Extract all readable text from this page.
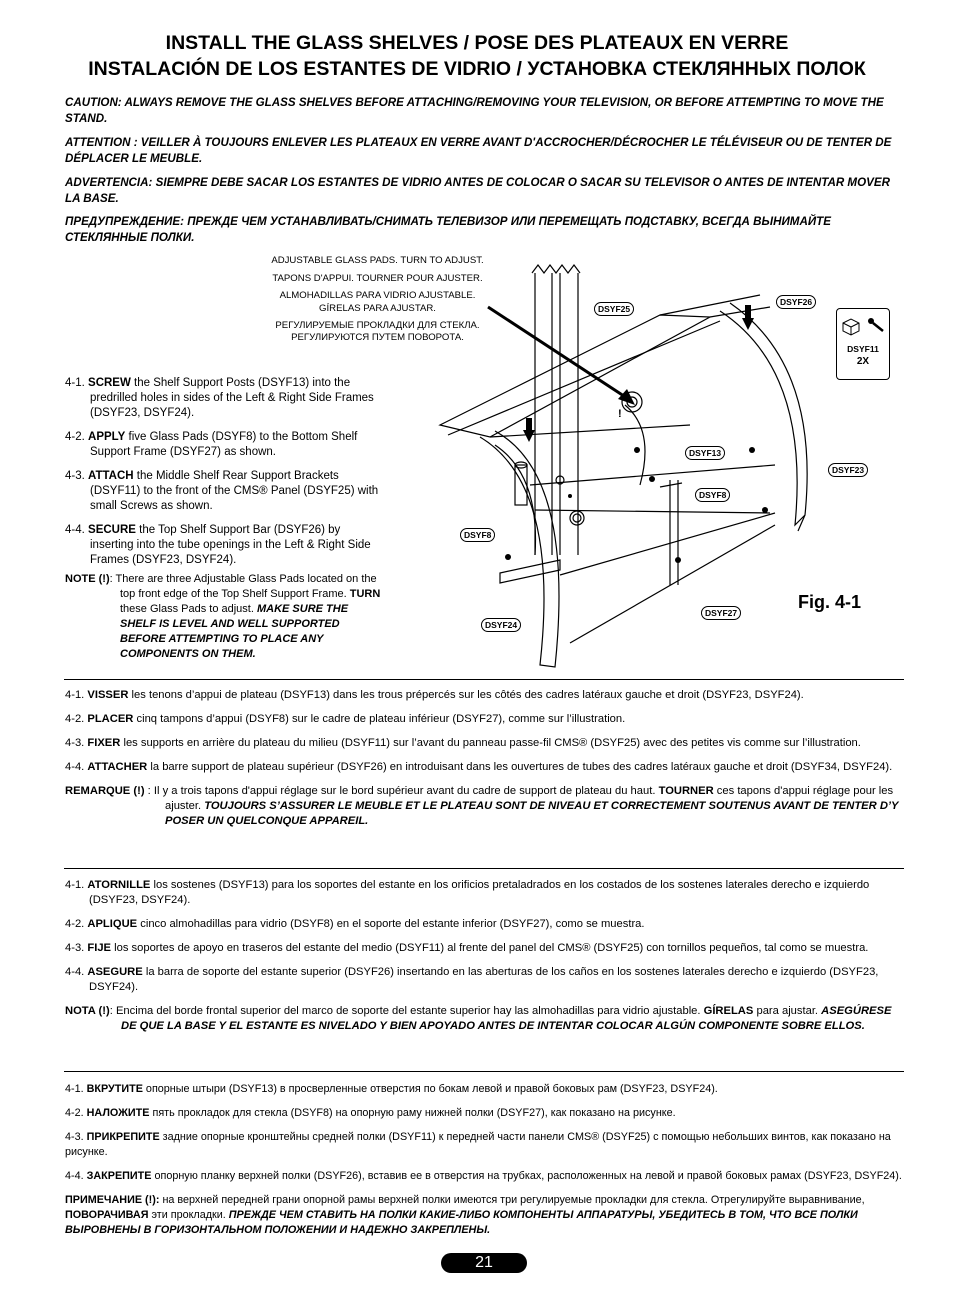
INSTALL THE GLASS SHELVES / POSE DES PLATEAUX EN VERRE
INSTALACIÓN DE LOS ESTANTES DE VIDRIO / УСТАНОВКА СТЕКЛЯННЫХ ПОЛОК
CAUTION: ALWAYS REMOVE THE GLASS SHELVES BEFORE ATTACHING/REMOVING YOUR TELEVISION, OR BEFORE ATTEMPTING TO MOVE THE STAND.
ATTENTION : VEILLER À TOUJOURS ENLEVER LES PLATEAUX EN VERRE AVANT D'ACCROCHER/DÉCROCHER LE TÉLÉVISEUR OU DE TENTER DE DÉPLACER LE MEUBLE.
ADVERTENCIA: SIEMPRE DEBE SACAR LOS ESTANTES DE VIDRIO ANTES DE COLOCAR O SACAR SU TELEVISOR O ANTES DE INTENTAR MOVER LA BASE.
ПРЕДУПРЕЖДЕНИЕ: ПРЕЖДЕ ЧЕМ УСТАНАВЛИВАТЬ/СНИМАТЬ ТЕЛЕВИЗОР ИЛИ ПЕРЕМЕЩАТЬ ПОДСТАВКУ, ВСЕГДА ВЫНИМАЙТЕ СТЕКЛЯННЫЕ ПОЛКИ.
ADJUSTABLE GLASS PADS. TURN TO ADJUST.
TAPONS D'APPUI. TOURNER POUR AJUSTER.
ALMOHADILLAS PARA VIDRIO AJUSTABLE.
GÍRELAS PARA AJUSTAR.
РЕГУЛИРУЕМЫЕ ПРОКЛАДКИ ДЛЯ СТЕКЛА.
РЕГУЛИРУЮТСЯ ПУТЕМ ПОВОРОТА.
!
DSYF25
DSYF26
DSYF13
DSYF23
DSYF8
DSYF8
DSYF24
DSYF27
DSYF11
2X
Fig. 4-1
4-1. SCREW the Shelf Support Posts (DSYF13) into the predrilled holes in sides of the Left & Right Side Frames (DSYF23, DSYF24).
4-2. APPLY five Glass Pads (DSYF8) to the Bottom Shelf Support Frame (DSYF27) as shown.
4-3. ATTACH the Middle Shelf Rear Support Brackets (DSYF11) to the front of the CMS® Panel (DSYF25) with small Screws as shown.
4-4. SECURE the Top Shelf Support Bar (DSYF26) by inserting into the tube openings in the Left & Right Side Frames (DSYF23, DSYF24).
NOTE (!): There are three Adjustable Glass Pads located on the top front edge of the Top Shelf Support Frame. TURN these Glass Pads to adjust. MAKE SURE THE SHELF IS LEVEL AND WELL SUPPORTED BEFORE ATTEMPTING TO PLACE ANY COMPONENTS ON THEM.
4-1. VISSER les tenons d’appui de plateau (DSYF13) dans les trous prépercés sur les côtés des cadres latéraux gauche et droit (DSYF23, DSYF24).
4-2. PLACER cinq tampons d’appui (DSYF8) sur le cadre de plateau inférieur (DSYF27), comme sur l’illustration.
4-3. FIXER les supports en arrière du plateau du milieu (DSYF11) sur l’avant du panneau passe-fil CMS® (DSYF25) avec des petites vis comme sur l’illustration.
4-4. ATTACHER la barre support de plateau supérieur (DSYF26) en introduisant dans les ouvertures de tubes des cadres latéraux gauche et droit (DSYF34, DSYF24).
REMARQUE (!) : Il y a trois tapons d'appui réglage sur le bord supérieur avant du cadre de support de plateau du haut. TOURNER ces tapons d'appui réglage pour les ajuster. TOUJOURS S’ASSURER LE MEUBLE ET LE PLATEAU SONT DE NIVEAU ET CORRECTEMENT SOUTENUS AVANT DE TENTER D’Y POSER UN QUELCONQUE APPAREIL.
4-1. ATORNILLE los sostenes (DSYF13) para los soportes del estante en los orificios pretaladrados en los costados de los sostenes laterales derecho e izquierdo (DSYF23, DSYF24).
4-2. APLIQUE cinco almohadillas para vidrio (DSYF8) en el soporte del estante inferior (DSYF27), como se muestra.
4-3. FIJE los soportes de apoyo en traseros del estante del medio (DSYF11) al frente del panel del CMS® (DSYF25) con tornillos pequeños, tal como se muestra.
4-4. ASEGURE la barra de soporte del estante superior (DSYF26) insertando en las aberturas de los caños en los sostenes laterales derecho e izquierdo (DSYF23, DSYF24).
NOTA (!): Encima del borde frontal superior del marco de soporte del estante superior hay las almohadillas para vidrio ajustable. GÍRELAS para ajustar. ASEGÚRESE DE QUE LA BASE Y EL ESTANTE ES NIVELADO Y BIEN APOYADO ANTES DE INTENTAR COLOCAR ALGÚN COMPONENTE SOBRE ELLOS.
4-1. ВКРУТИТЕ опорные штыри (DSYF13) в просверленные отверстия по бокам левой и правой боковых рам (DSYF23, DSYF24).
4-2. НАЛОЖИТЕ пять прокладок для стекла (DSYF8) на опорную раму нижней полки (DSYF27), как показано на рисунке.
4-3. ПРИКРЕПИТЕ задние опорные кронштейны средней полки (DSYF11) к передней части панели CMS® (DSYF25) с помощью небольших винтов, как показано на рисунке.
4-4. ЗАКРЕПИТЕ опорную планку верхней полки (DSYF26), вставив ее в отверстия на трубках, расположенных на левой и правой боковых рамах (DSYF23, DSYF24).
ПРИМЕЧАНИЕ (!): на верхней передней грани опорной рамы верхней полки имеются три регулируемые прокладки для стекла. Отрегулируйте выравнивание, ПОВОРАЧИВАЯ эти прокладки. ПРЕЖДЕ ЧЕМ СТАВИТЬ НА ПОЛКИ КАКИЕ-ЛИБО КОМПОНЕНТЫ АППАРАТУРЫ, УБЕДИТЕСЬ В ТОМ, ЧТО ВСЕ ПОЛКИ ВЫРОВНЕНЫ В ГОРИЗОНТАЛЬНОМ ПОЛОЖЕНИИ И НАДЕЖНО ЗАКРЕПЛЕНЫ.
21
